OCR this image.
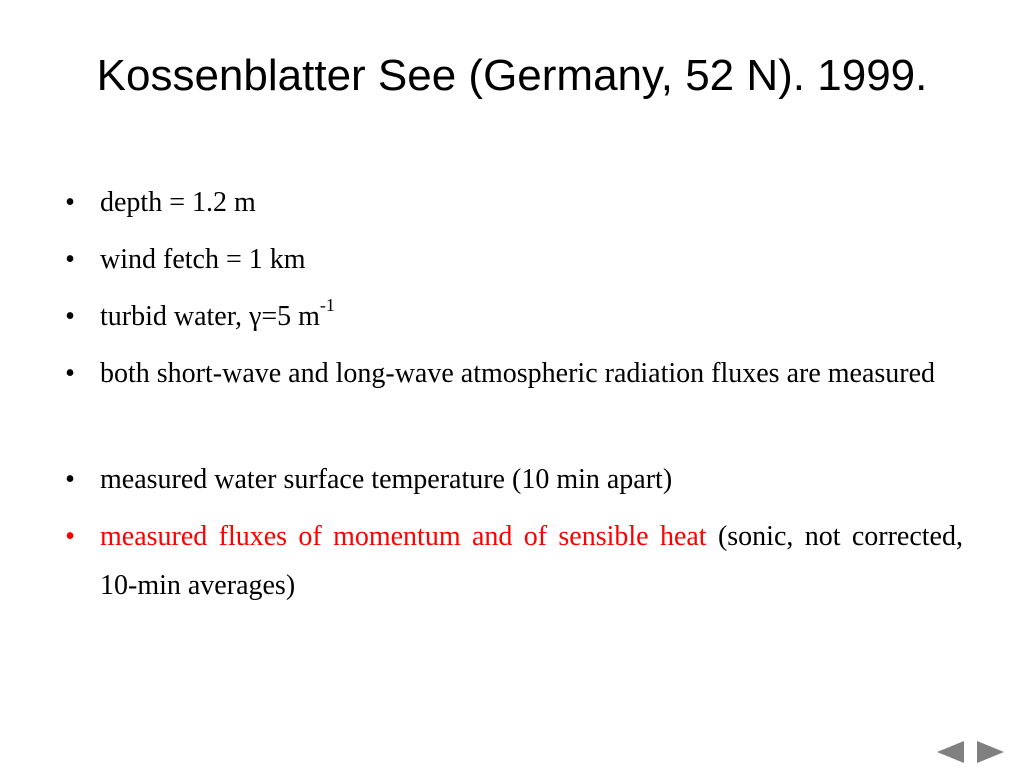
Kossenblatter See (Germany, 52 N). 1999.
• depth = 1.2 m
• wind fetch = 1 km
• turbid water, γ=5 $m^{-1}$
• both short-wave and long-wave atmospheric radiation fluxes are measured
• measured water surface temperature (10 min apart)
• measured fluxes of momentum and of sensible heat (sonic, not corrected, 10-min averages)
